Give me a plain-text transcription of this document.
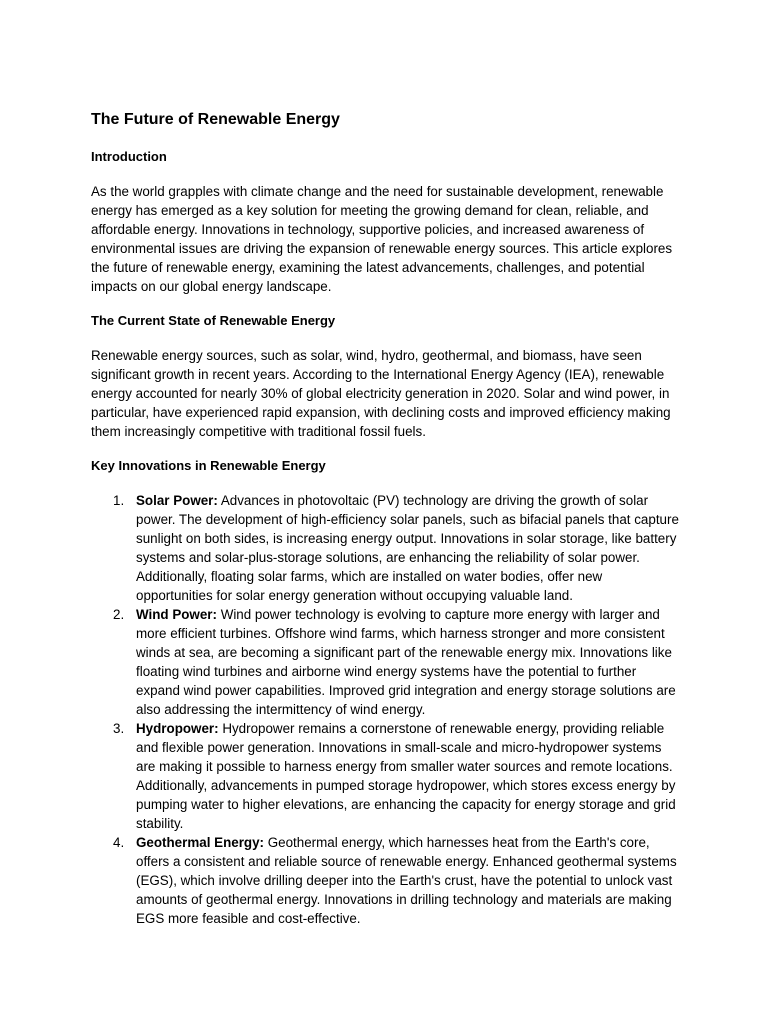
The Future of Renewable Energy
Introduction

As the world grapples with climate change and the need for sustainable development, renewable energy has emerged as a key solution for meeting the growing demand for clean, reliable, and affordable energy. Innovations in technology, supportive policies, and increased awareness of environmental issues are driving the expansion of renewable energy sources. This article explores the future of renewable energy, examining the latest advancements, challenges, and potential impacts on our global energy landscape.

The Current State of Renewable Energy

Renewable energy sources, such as solar, wind, hydro, geothermal, and biomass, have seen significant growth in recent years. According to the International Energy Agency (IEA), renewable energy accounted for nearly 30% of global electricity generation in 2020. Solar and wind power, in particular, have experienced rapid expansion, with declining costs and improved efficiency making them increasingly competitive with traditional fossil fuels.

Key Innovations in Renewable Energy
1. Solar Power: Advances in photovoltaic (PV) technology are driving the growth of solar power. The development of high-efficiency solar panels, such as bifacial panels that capture sunlight on both sides, is increasing energy output. Innovations in solar storage, like battery systems and solar-plus-storage solutions, are enhancing the reliability of solar power. Additionally, floating solar farms, which are installed on water bodies, offer new opportunities for solar energy generation without occupying valuable land.
2. Wind Power: Wind power technology is evolving to capture more energy with larger and more efficient turbines. Offshore wind farms, which harness stronger and more consistent winds at sea, are becoming a significant part of the renewable energy mix. Innovations like floating wind turbines and airborne wind energy systems have the potential to further expand wind power capabilities. Improved grid integration and energy storage solutions are also addressing the intermittency of wind energy.
3. Hydropower: Hydropower remains a cornerstone of renewable energy, providing reliable and flexible power generation. Innovations in small-scale and micro-hydropower systems are making it possible to harness energy from smaller water sources and remote locations. Additionally, advancements in pumped storage hydropower, which stores excess energy by pumping water to higher elevations, are enhancing the capacity for energy storage and grid stability.
4. Geothermal Energy: Geothermal energy, which harnesses heat from the Earth's core, offers a consistent and reliable source of renewable energy. Enhanced geothermal systems (EGS), which involve drilling deeper into the Earth's crust, have the potential to unlock vast amounts of geothermal energy. Innovations in drilling technology and materials are making EGS more feasible and cost-effective.
